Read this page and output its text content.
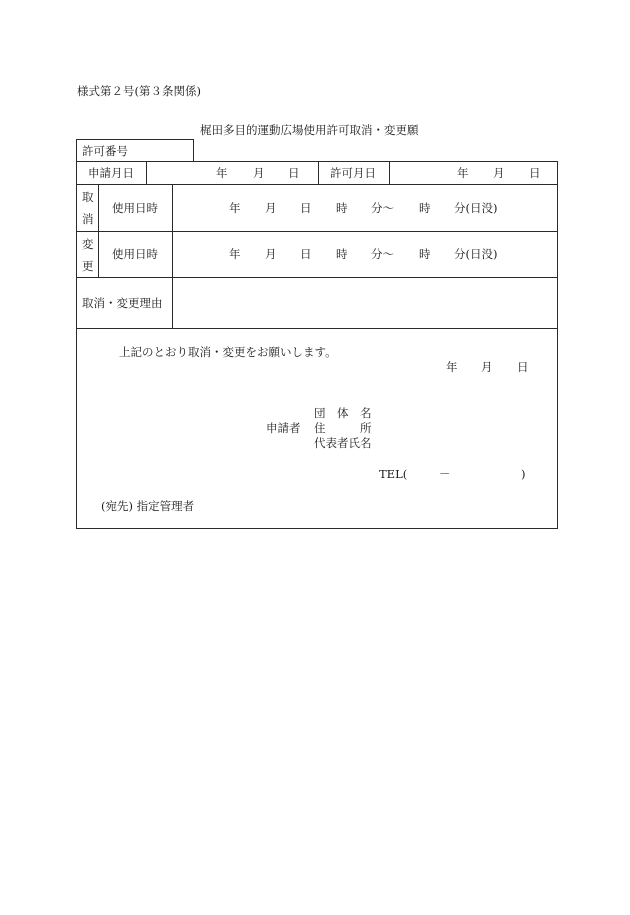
様式第２号(第３条関係)
梶田多目的運動広場使用許可取消・変更願
許可番号
申請月日	年 月 日	許可月日	年 月 日
取
消
使用日時	年 月 日 時 分～ 時 分(日没)
変
更
使用日時	年 月 日 時 分～ 時 分(日没)
取消・変更理由
上記のとおり取消・変更をお願いします。
年 月 日
申請者
団　体　名
住　　　所
代表者氏名
TEL(	－	)
(宛先) 指定管理者
